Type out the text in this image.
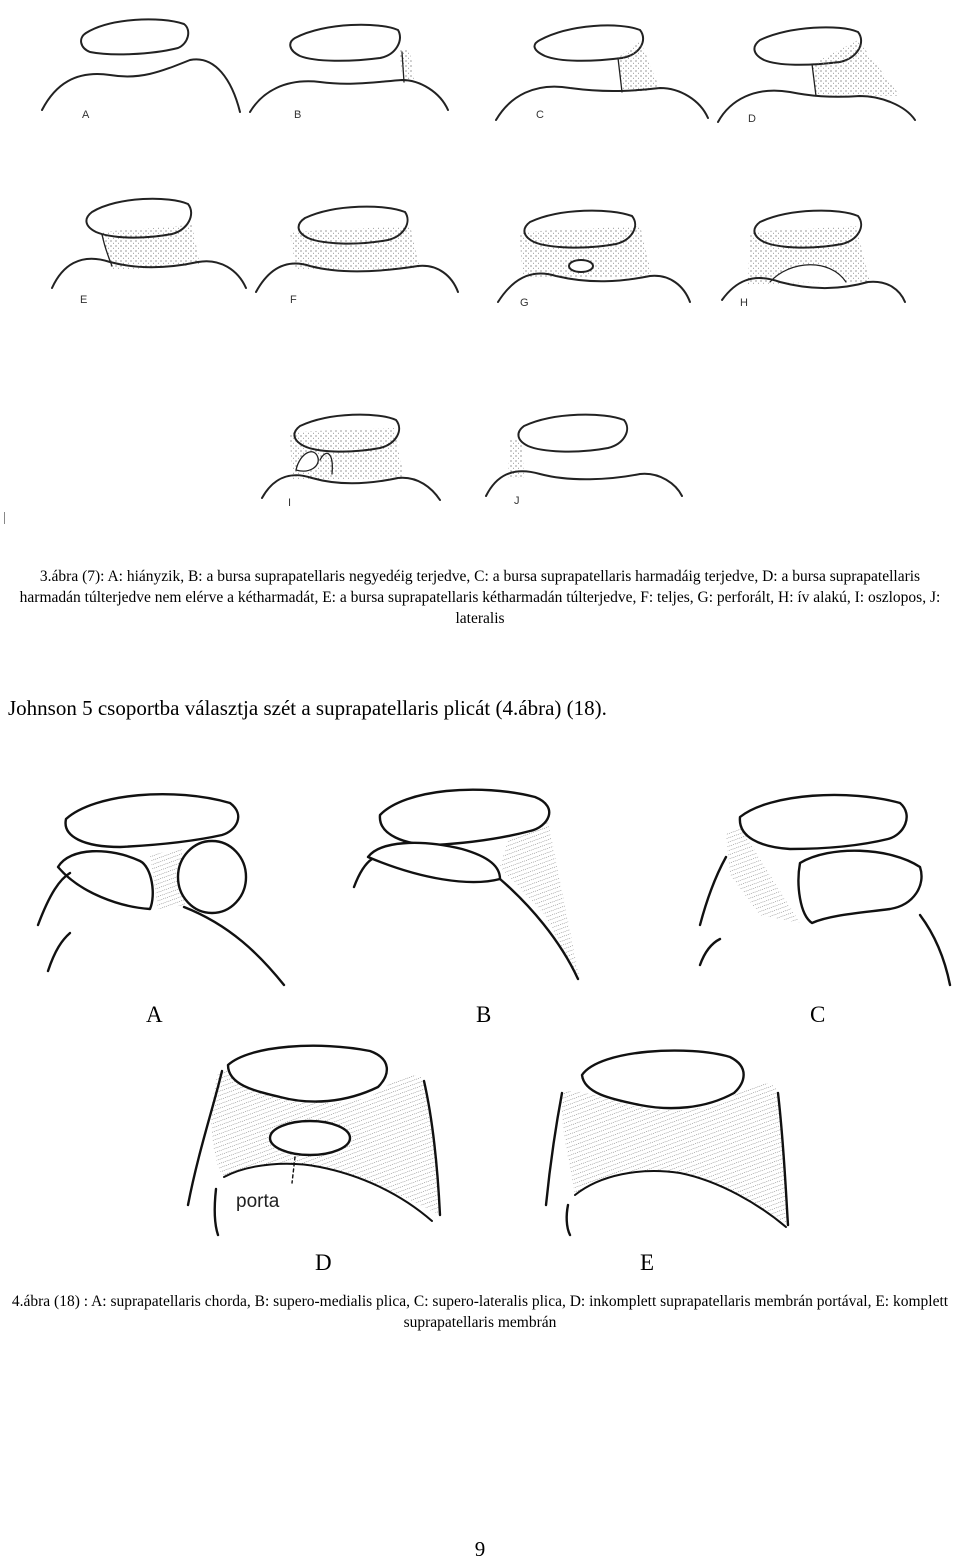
A	B	C	D
E	F	G	H
I	J
3.ábra (7): A: hiányzik, B: a bursa suprapatellaris negyedéig terjedve, C: a bursa suprapatellaris harmadáig terjedve, D: a bursa suprapatellaris harmadán túlterjedve nem elérve a kétharmadát, E: a bursa suprapatellaris kétharmadán túlterjedve, F: teljes, G: perforált, H: ív alakú, I: oszlopos, J: lateralis
Johnson 5 csoportba választja szét a suprapatellaris plicát (4.ábra) (18).
porta
A	B	C
D	E
4.ábra (18) : A: suprapatellaris chorda, B: supero-medialis plica, C: supero-lateralis plica, D: inkomplett suprapatellaris membrán portával, E: komplett suprapatellaris membrán
9
